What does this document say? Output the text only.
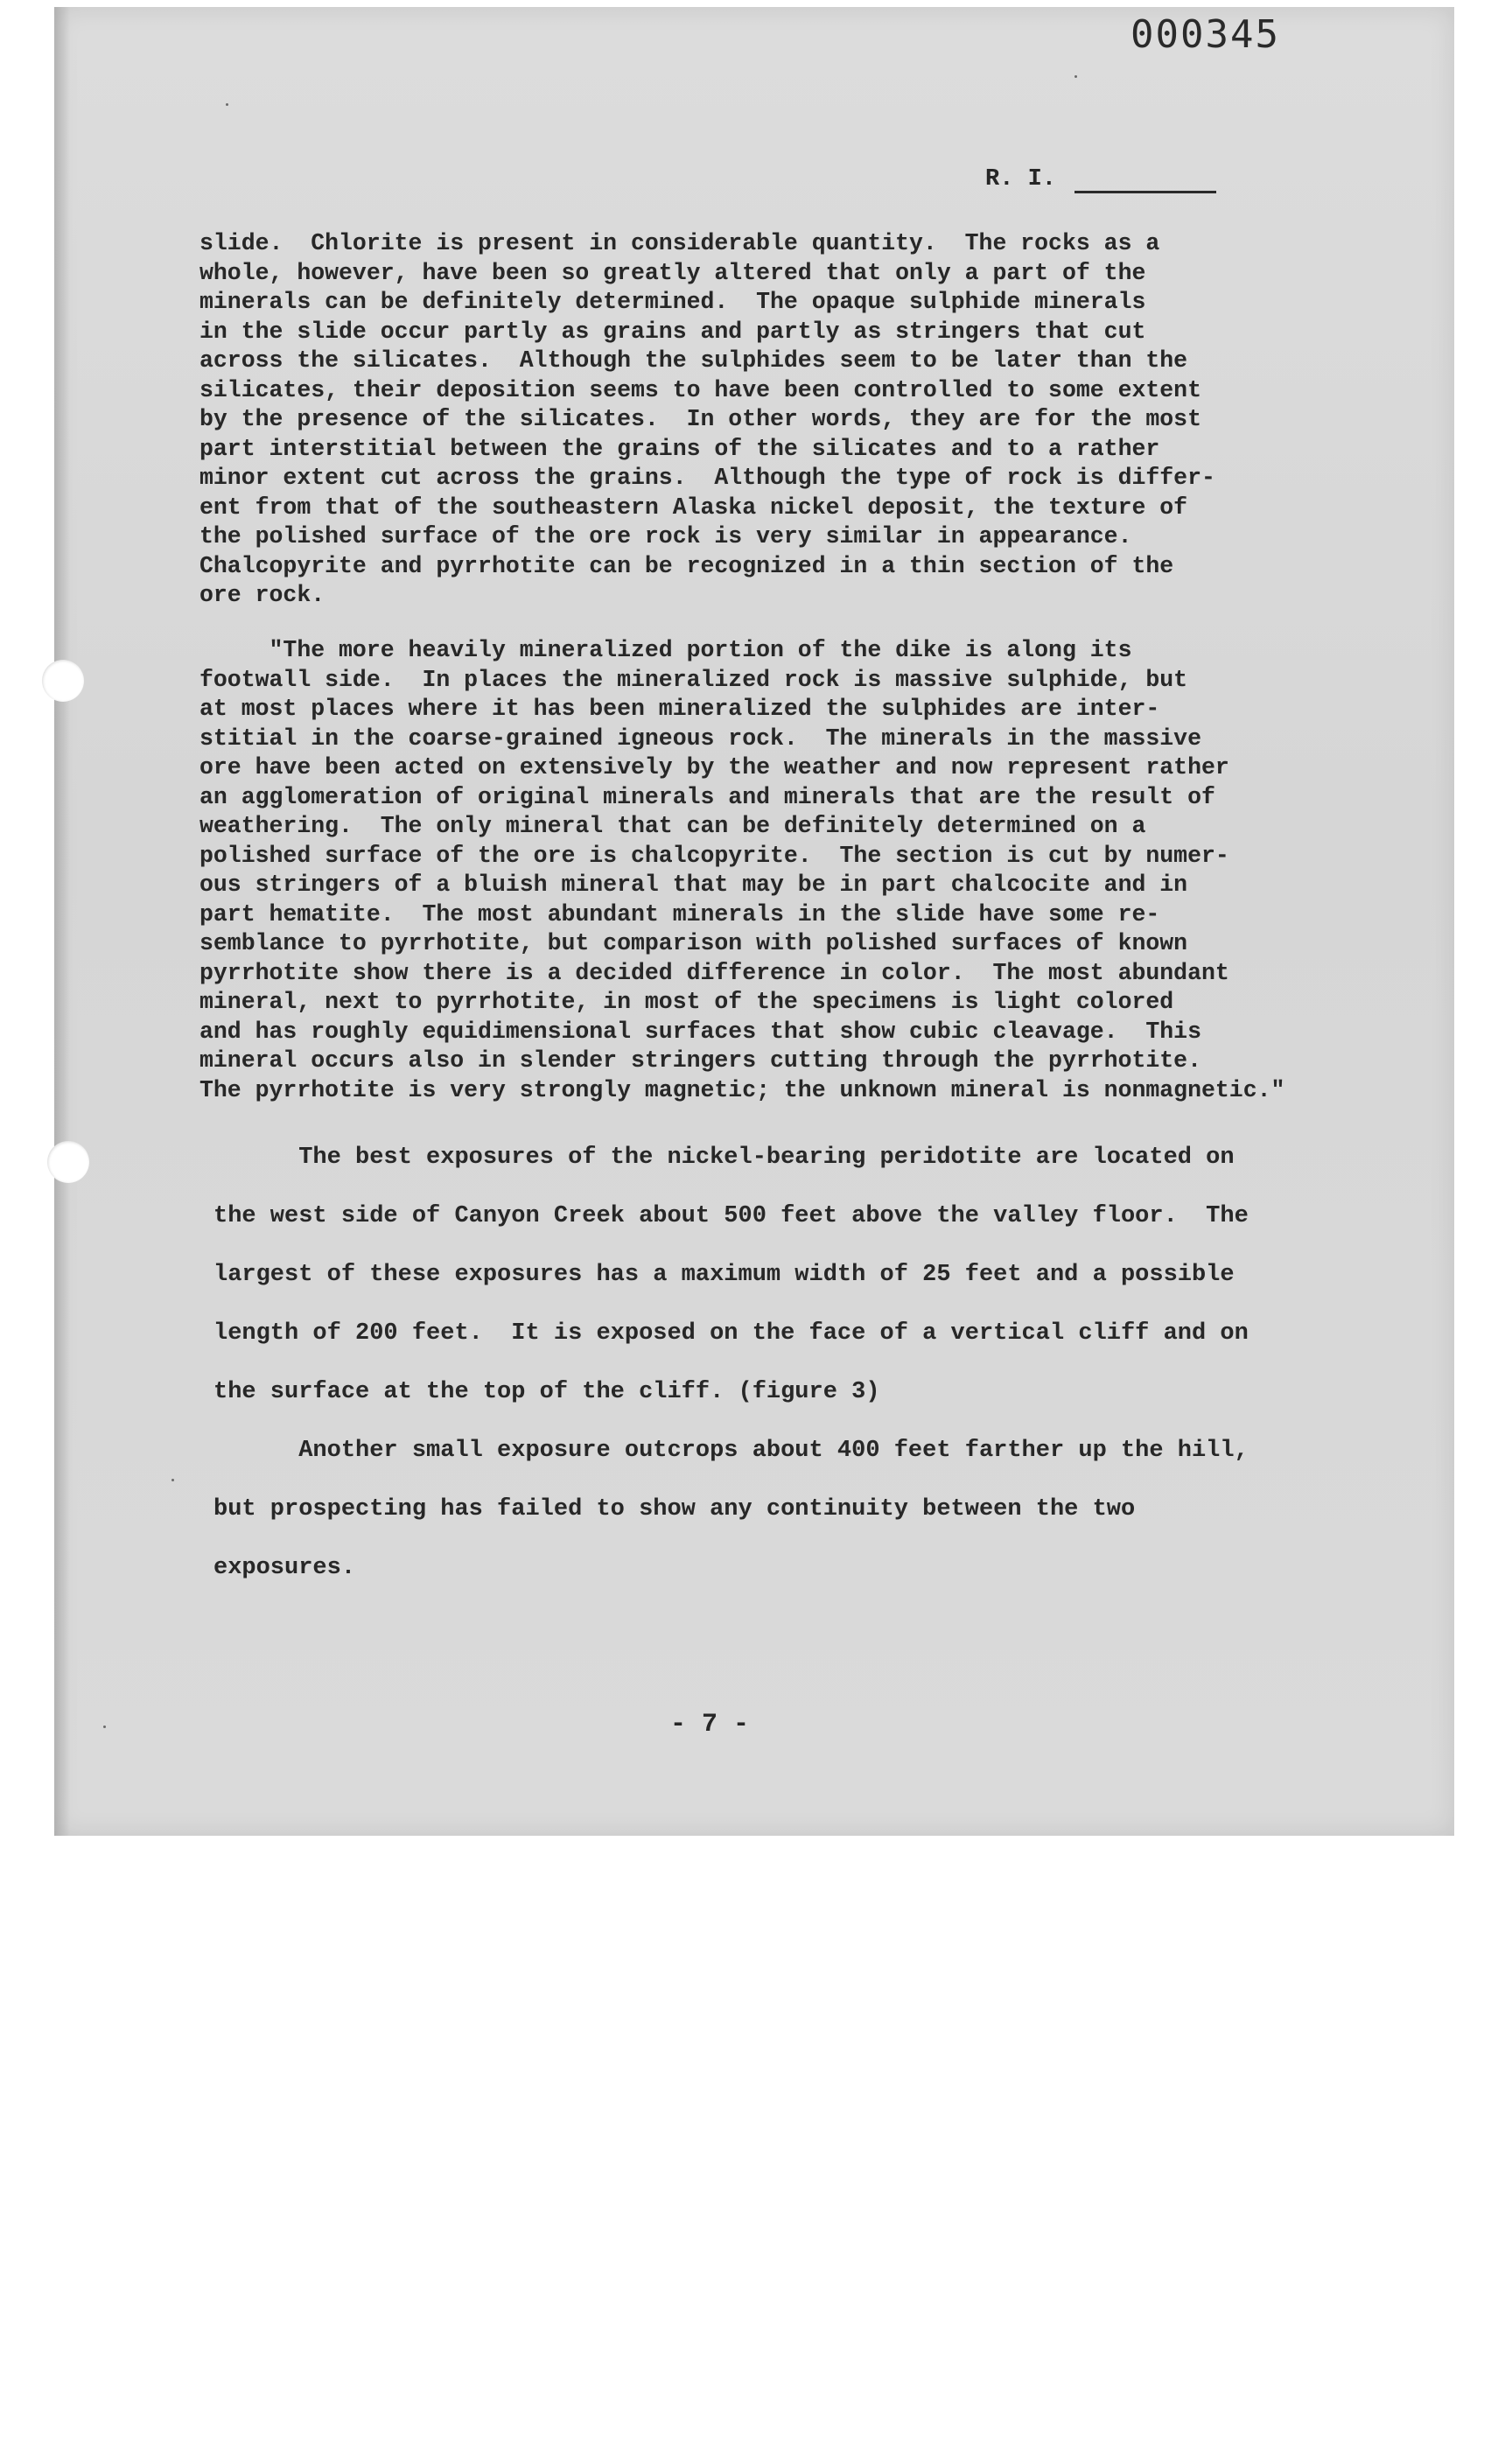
000345
R. I.
slide.  Chlorite is present in considerable quantity.  The rocks as a
whole, however, have been so greatly altered that only a part of the
minerals can be definitely determined.  The opaque sulphide minerals
in the slide occur partly as grains and partly as stringers that cut
across the silicates.  Although the sulphides seem to be later than the
silicates, their deposition seems to have been controlled to some extent
by the presence of the silicates.  In other words, they are for the most
part interstitial between the grains of the silicates and to a rather
minor extent cut across the grains.  Although the type of rock is differ-
ent from that of the southeastern Alaska nickel deposit, the texture of
the polished surface of the ore rock is very similar in appearance.
Chalcopyrite and pyrrhotite can be recognized in a thin section of the
ore rock.
"The more heavily mineralized portion of the dike is along its
footwall side.  In places the mineralized rock is massive sulphide, but
at most places where it has been mineralized the sulphides are inter-
stitial in the coarse-grained igneous rock.  The minerals in the massive
ore have been acted on extensively by the weather and now represent rather
an agglomeration of original minerals and minerals that are the result of
weathering.  The only mineral that can be definitely determined on a
polished surface of the ore is chalcopyrite.  The section is cut by numer-
ous stringers of a bluish mineral that may be in part chalcocite and in
part hematite.  The most abundant minerals in the slide have some re-
semblance to pyrrhotite, but comparison with polished surfaces of known
pyrrhotite show there is a decided difference in color.  The most abundant
mineral, next to pyrrhotite, in most of the specimens is light colored
and has roughly equidimensional surfaces that show cubic cleavage.  This
mineral occurs also in slender stringers cutting through the pyrrhotite.
The pyrrhotite is very strongly magnetic; the unknown mineral is nonmagnetic."
The best exposures of the nickel-bearing peridotite are located on
the west side of Canyon Creek about 500 feet above the valley floor.  The
largest of these exposures has a maximum width of 25 feet and a possible
length of 200 feet.  It is exposed on the face of a vertical cliff and on
the surface at the top of the cliff. (figure 3)
Another small exposure outcrops about 400 feet farther up the hill,
but prospecting has failed to show any continuity between the two
exposures.
- 7 -
